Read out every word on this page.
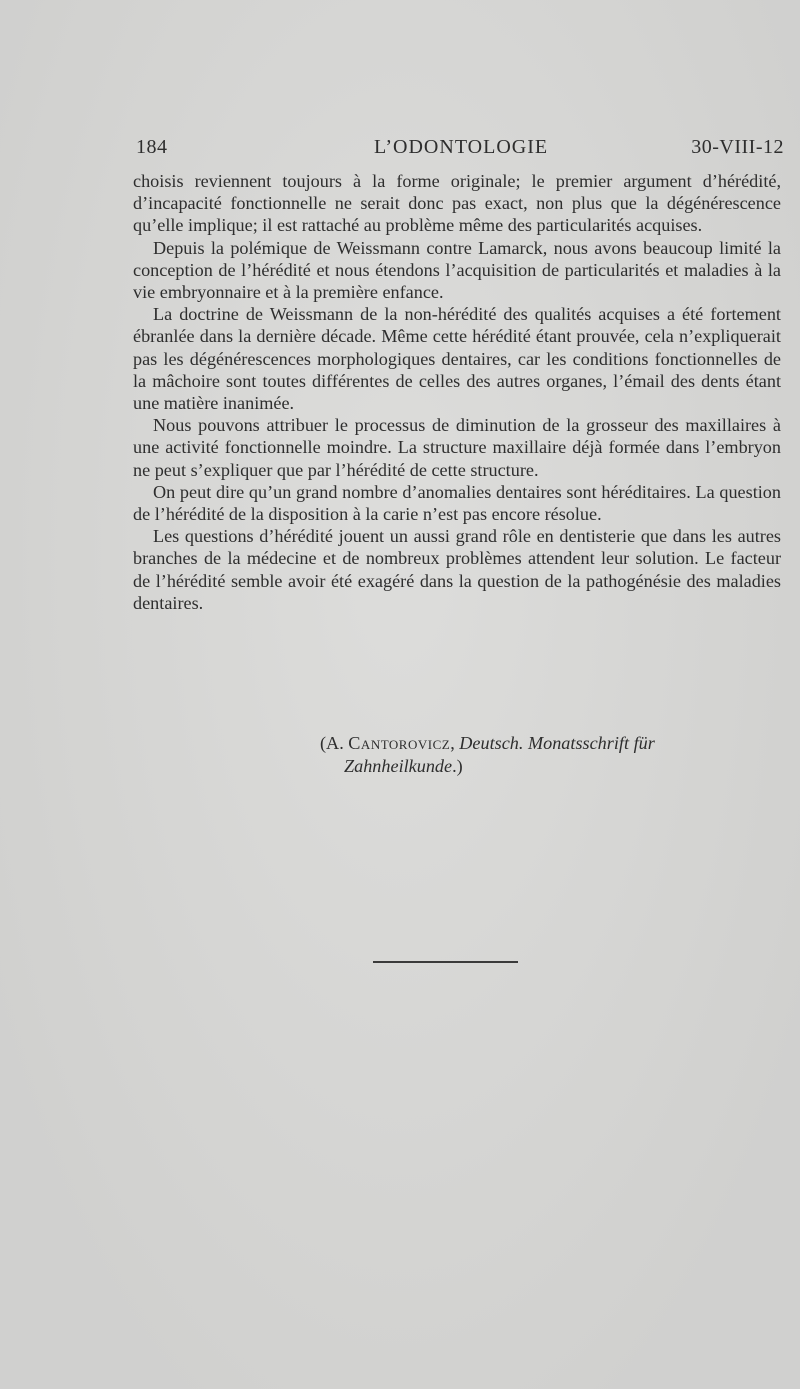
184	L’ODONTOLOGIE	30-VIII-12

choisis reviennent toujours à la forme originale; le premier argument d’hérédité, d’incapacité fonctionnelle ne serait donc pas exact, non plus que la dégénérescence qu’elle implique; il est rattaché au problème même des particularités acquises.

Depuis la polémique de Weissmann contre Lamarck, nous avons beaucoup limité la conception de l’hérédité et nous étendons l’acquisition de particularités et maladies à la vie embryonnaire et à la première enfance.

La doctrine de Weissmann de la non-hérédité des qualités acquises a été fortement ébranlée dans la dernière décade. Même cette hérédité étant prouvée, cela n’expliquerait pas les dégénérescences morphologiques dentaires, car les conditions fonctionnelles de la mâchoire sont toutes différentes de celles des autres organes, l’émail des dents étant une matière inanimée.

Nous pouvons attribuer le processus de diminution de la grosseur des maxillaires à une activité fonctionnelle moindre. La structure maxillaire déjà formée dans l’embryon ne peut s’expliquer que par l’hérédité de cette structure.

On peut dire qu’un grand nombre d’anomalies dentaires sont héréditaires. La question de l’hérédité de la disposition à la carie n’est pas encore résolue.

Les questions d’hérédité jouent un aussi grand rôle en dentisterie que dans les autres branches de la médecine et de nombreux problèmes attendent leur solution. Le facteur de l’hérédité semble avoir été exagéré dans la question de la pathogénésie des maladies dentaires.

(A. Cantorovicz, Deutsch. Monatsschrift für
Zahnheilkunde.)
